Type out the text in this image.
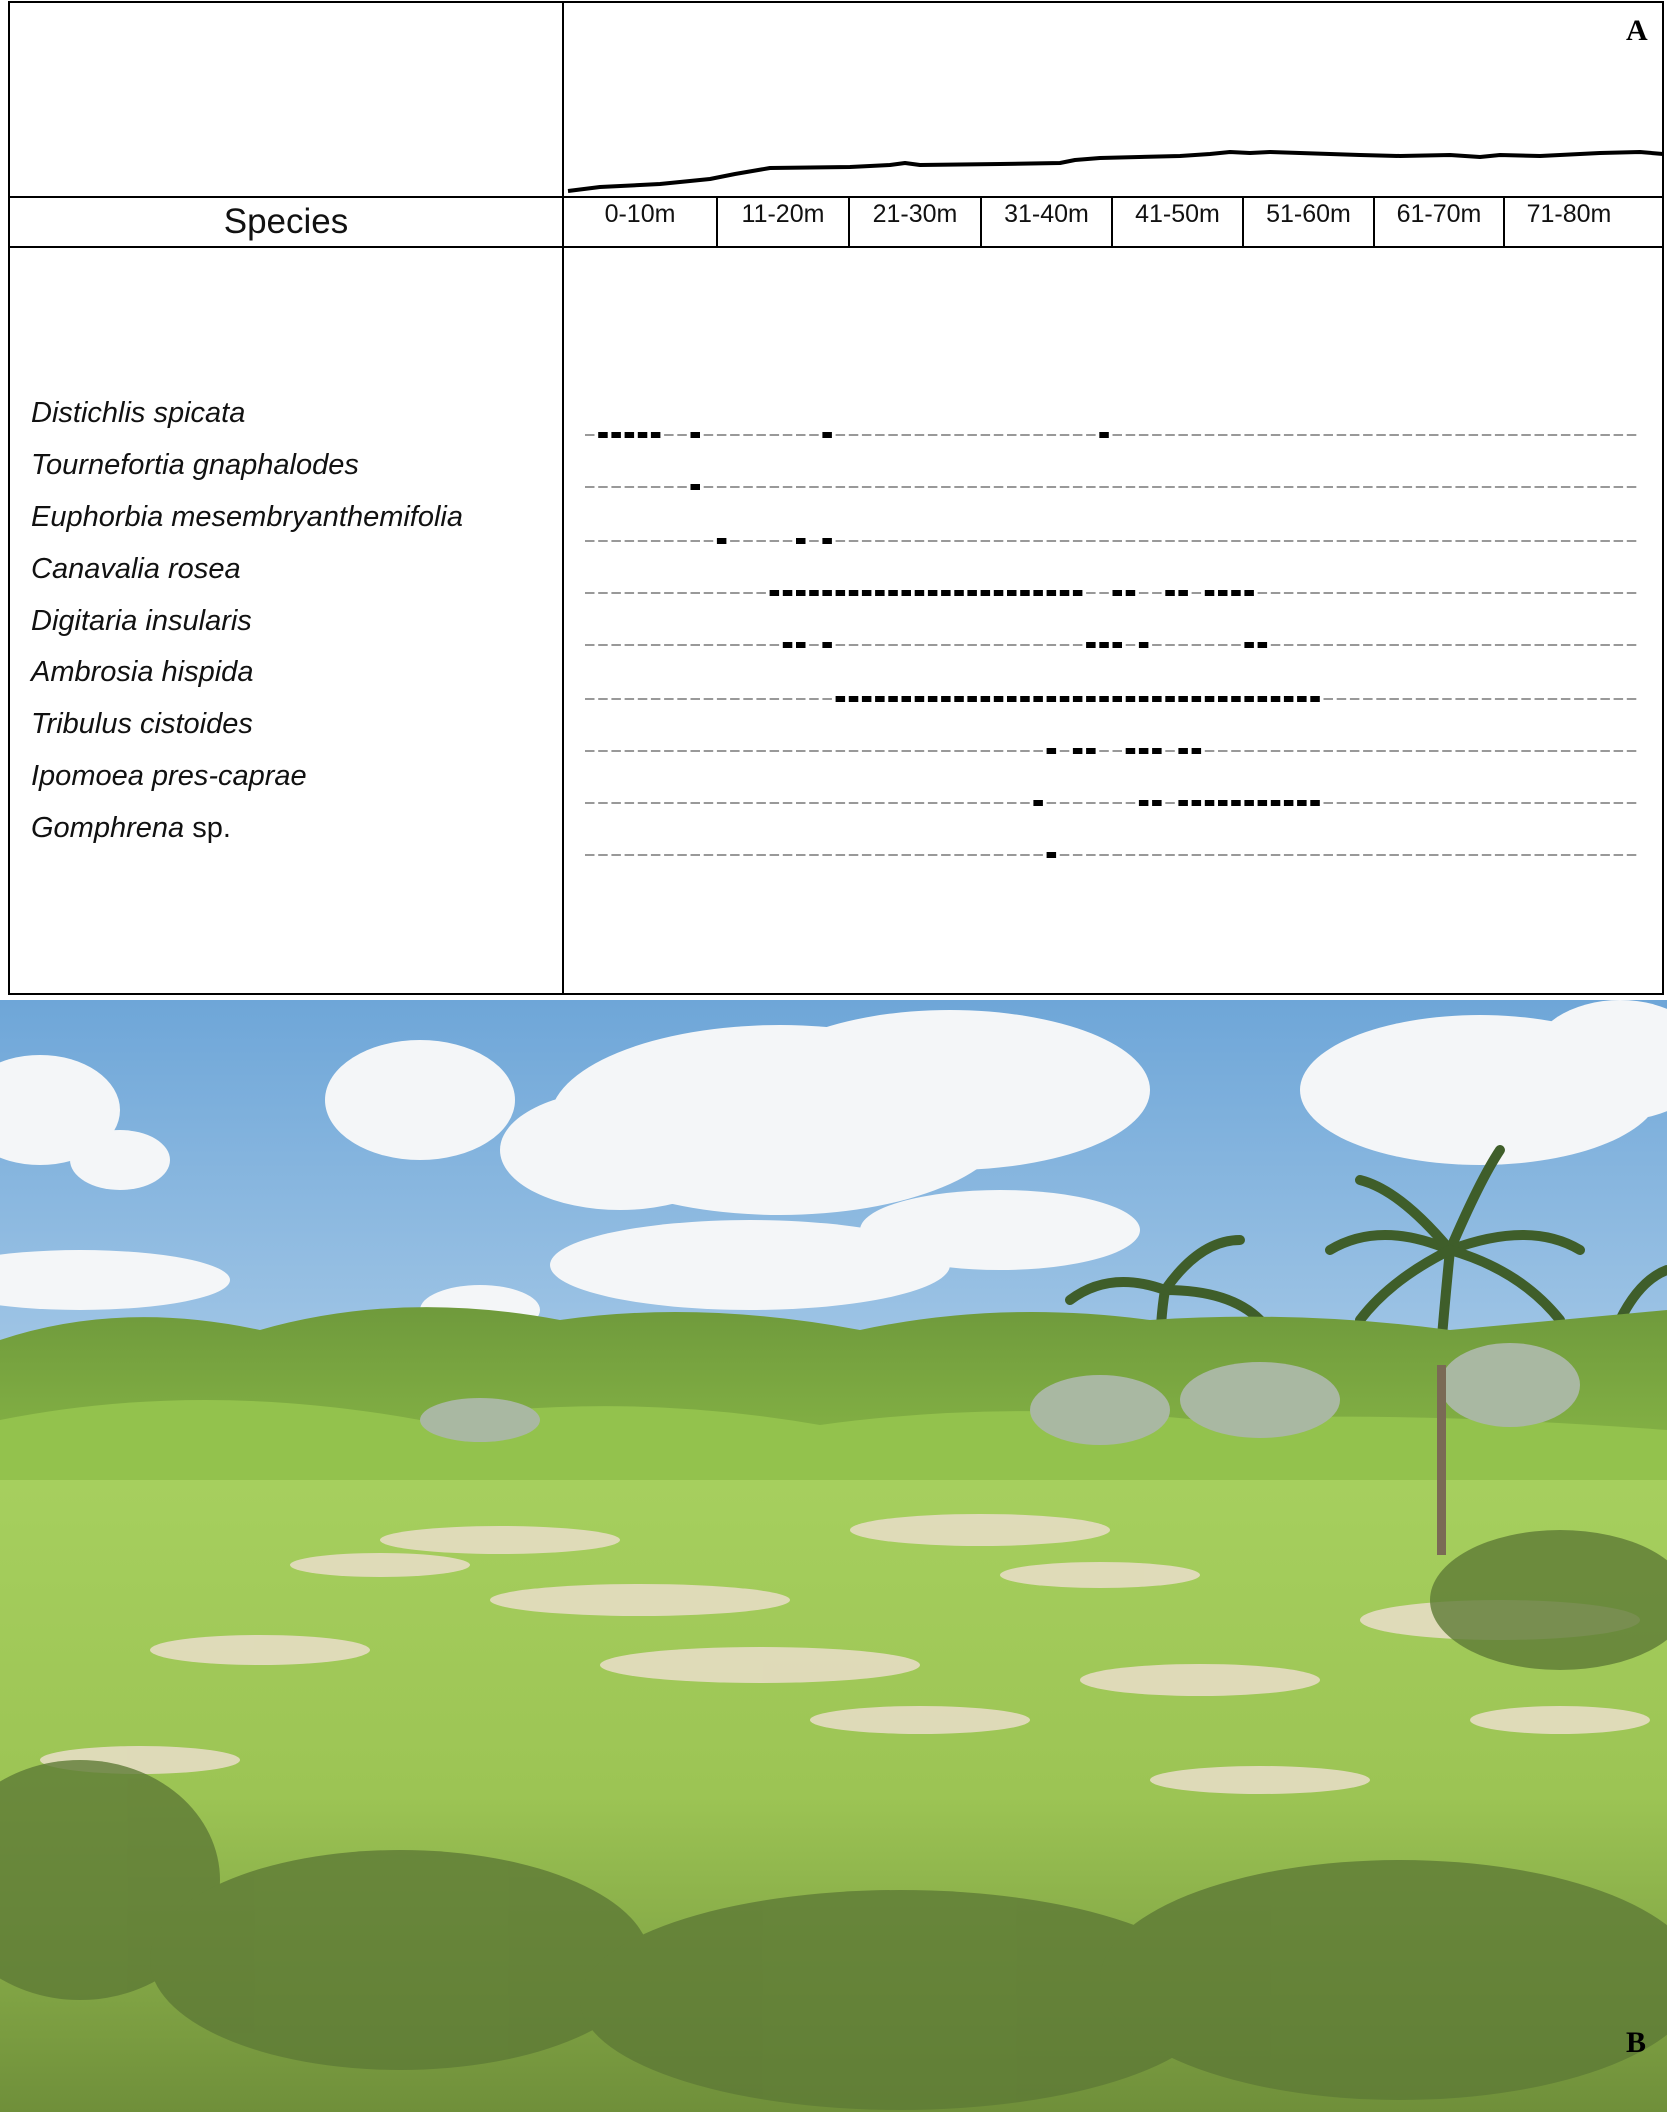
A
Species	0-10m	11-20m	21-30m	31-40m	41-50m	51-60m	61-70m	71-80m
Distichlis spicata
Tournefortia gnaphalodes
Euphorbia mesembryanthemifolia
Canavalia rosea
Digitaria insularis
Ambrosia hispida
Tribulus cistoides
Ipomoea pres-caprae
Gomphrena sp.
B
